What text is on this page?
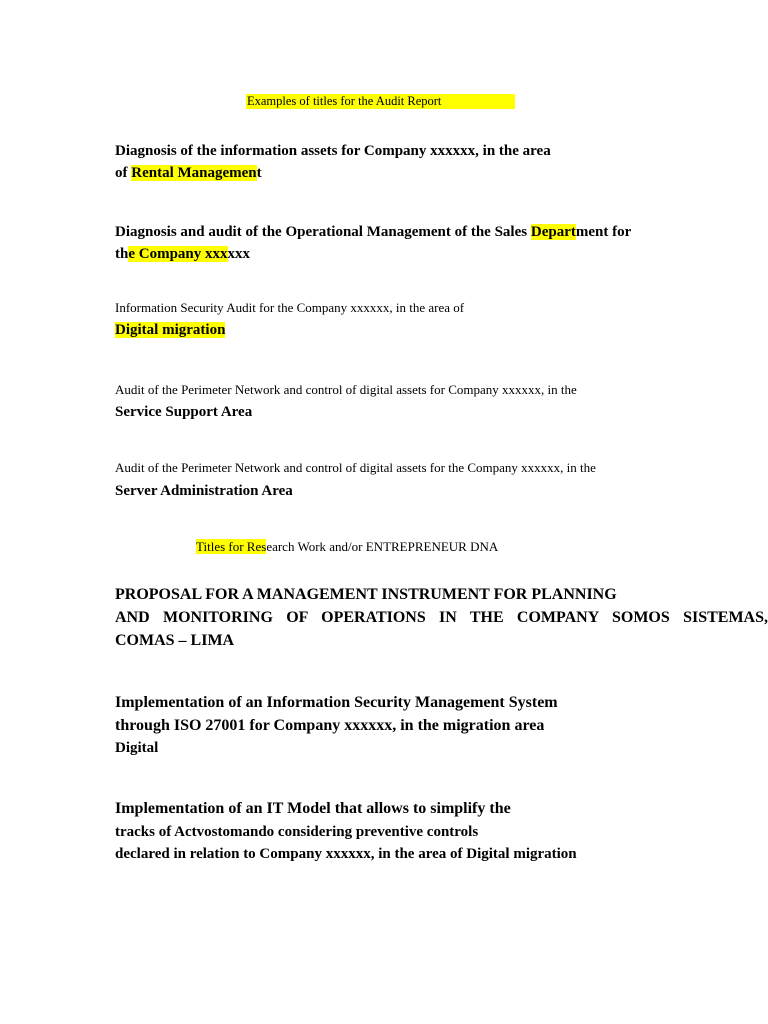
Examples of titles for the Audit Report
Diagnosis of the information assets for Company xxxxxx, in the area
of Rental Management
Diagnosis and audit of the Operational Management of the Sales Department for
the Company xxxxxx
Information Security Audit for the Company xxxxxx, in the area of
Digital migration
Audit of the Perimeter Network and control of digital assets for Company xxxxxx, in the
Service Support Area
Audit of the Perimeter Network and control of digital assets for the Company xxxxxx, in the
Server Administration Area
Titles for Research Work and/or ENTREPRENEUR DNA
PROPOSAL FOR A MANAGEMENT INSTRUMENT FOR PLANNING
AND MONITORING OF OPERATIONS IN THE COMPANY SOMOS SISTEMAS,
COMAS – LIMA
Implementation of an Information Security Management System
through ISO 27001 for Company xxxxxx, in the migration area
Digital
Implementation of an IT Model that allows to simplify the
tracks of Actvostomando considering preventive controls
declared in relation to Company xxxxxx, in the area of Digital migration
